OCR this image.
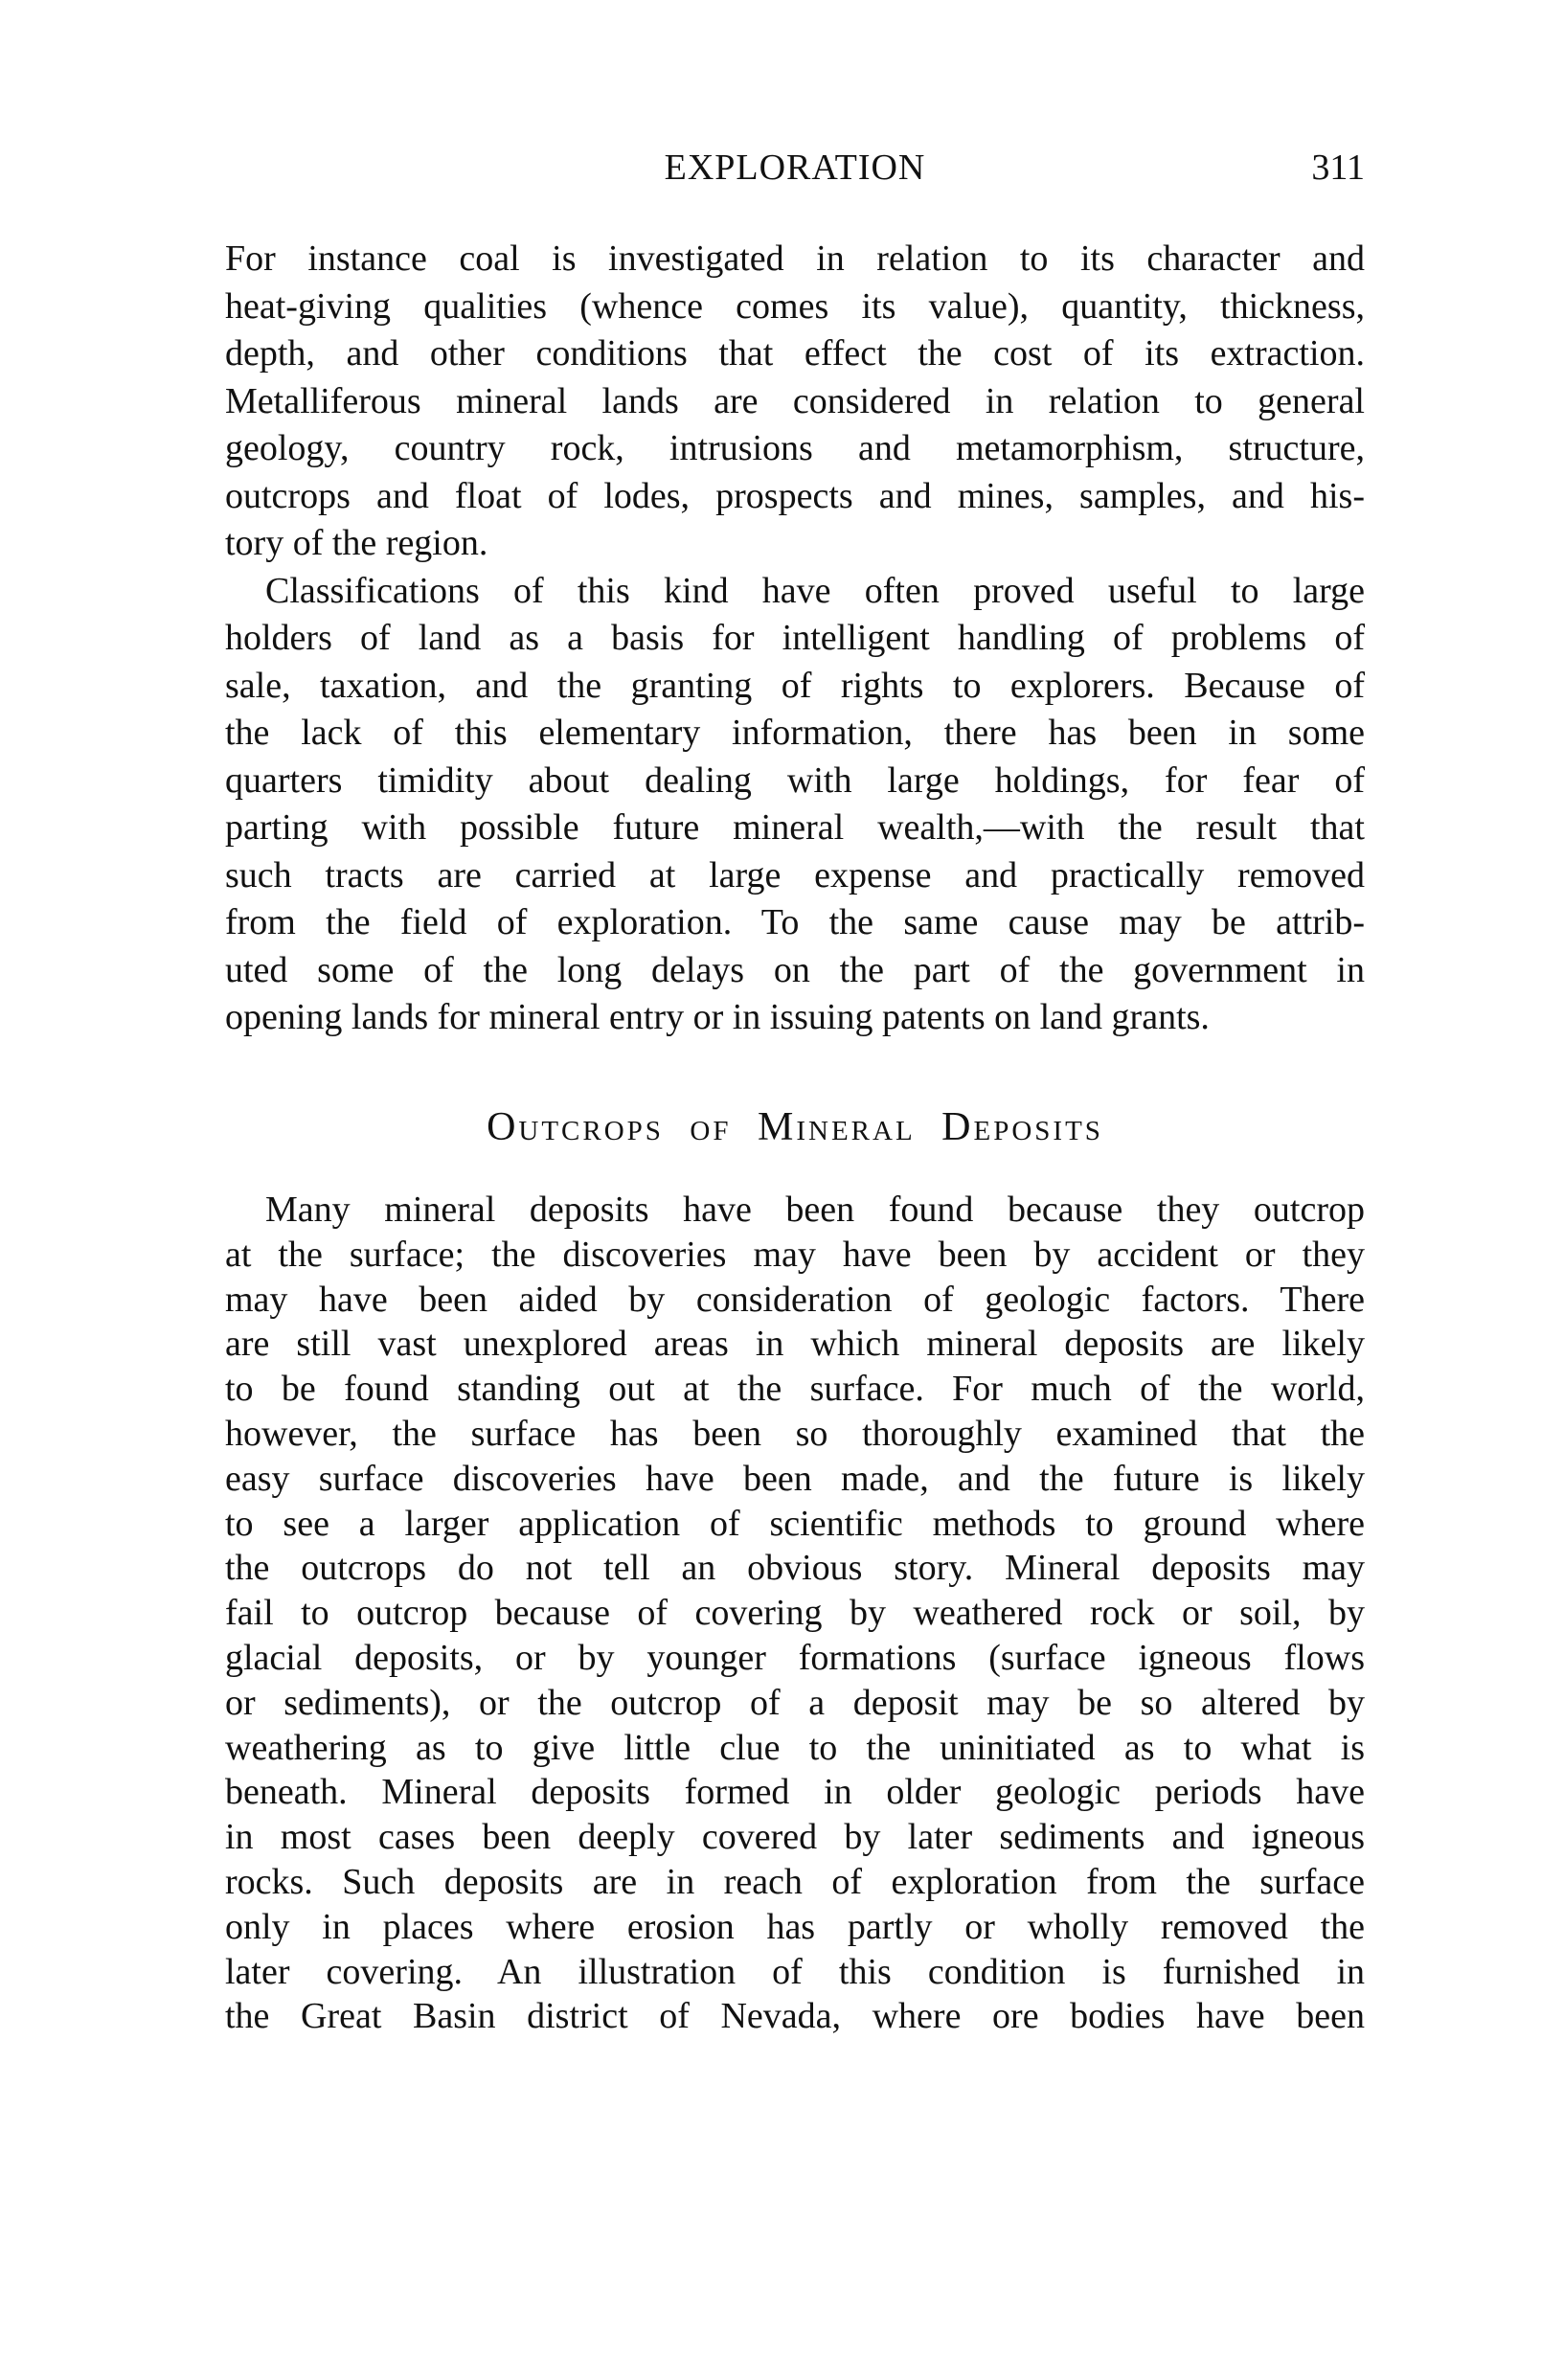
EXPLORATION	311
For instance coal is investigated in relation to its character and
heat-giving qualities (whence comes its value), quantity, thickness,
depth, and other conditions that effect the cost of its extraction.
Metalliferous mineral lands are considered in relation to general
geology, country rock, intrusions and metamorphism, structure,
outcrops and float of lodes, prospects and mines, samples, and his-
tory of the region.
Classifications of this kind have often proved useful to large
holders of land as a basis for intelligent handling of problems of
sale, taxation, and the granting of rights to explorers. Because of
the lack of this elementary information, there has been in some
quarters timidity about dealing with large holdings, for fear of
parting with possible future mineral wealth,—with the result that
such tracts are carried at large expense and practically removed
from the field of exploration. To the same cause may be attrib-
uted some of the long delays on the part of the government in
opening lands for mineral entry or in issuing patents on land grants.
Outcrops of Mineral Deposits
Many mineral deposits have been found because they outcrop
at the surface; the discoveries may have been by accident or they
may have been aided by consideration of geologic factors. There
are still vast unexplored areas in which mineral deposits are likely
to be found standing out at the surface. For much of the world,
however, the surface has been so thoroughly examined that the
easy surface discoveries have been made, and the future is likely
to see a larger application of scientific methods to ground where
the outcrops do not tell an obvious story. Mineral deposits may
fail to outcrop because of covering by weathered rock or soil, by
glacial deposits, or by younger formations (surface igneous flows
or sediments), or the outcrop of a deposit may be so altered by
weathering as to give little clue to the uninitiated as to what is
beneath. Mineral deposits formed in older geologic periods have
in most cases been deeply covered by later sediments and igneous
rocks. Such deposits are in reach of exploration from the surface
only in places where erosion has partly or wholly removed the
later covering. An illustration of this condition is furnished in
the Great Basin district of Nevada, where ore bodies have been
